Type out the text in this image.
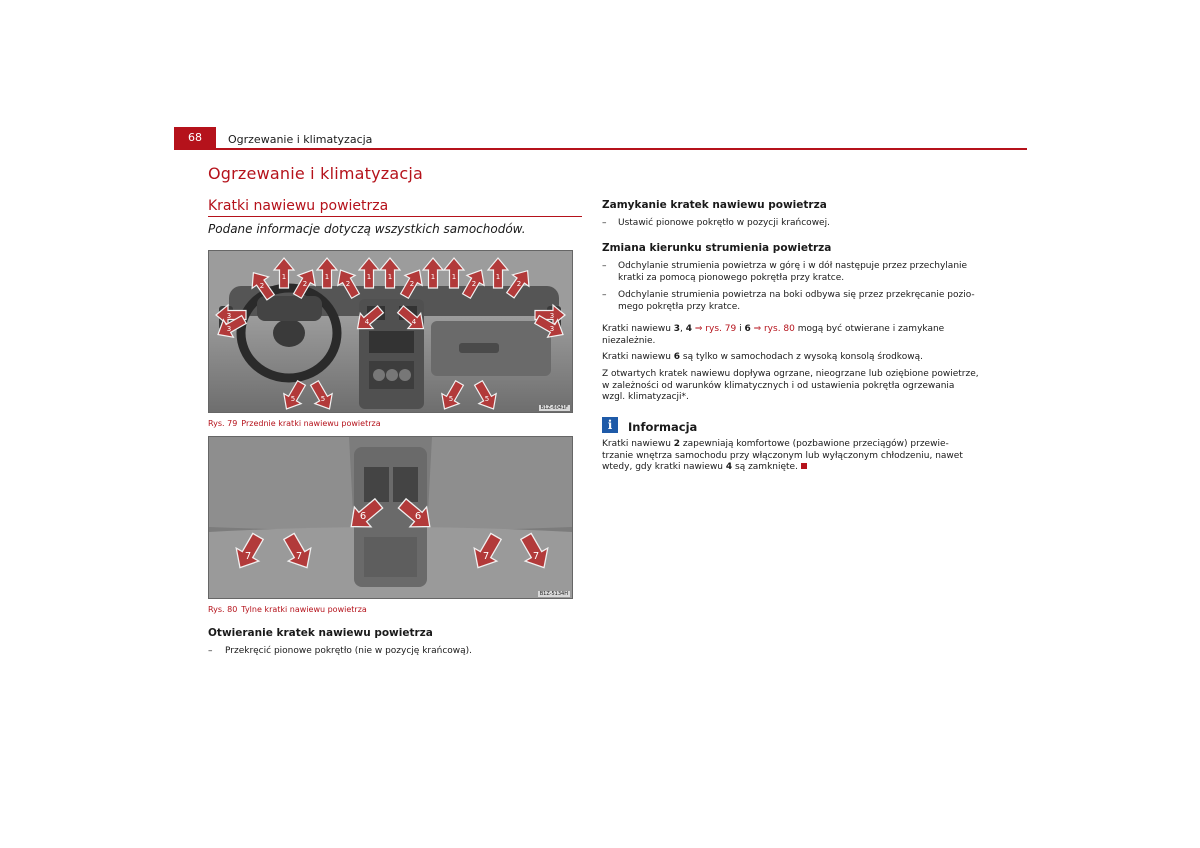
68	Ogrzewanie i klimatyzacja
Ogrzewanie i klimatyzacja
Kratki nawiewu powietrza
Podane informacje dotyczą wszystkich samochodów.
2
1
2
1
2
1 1
2
1 1
2
1
2
3
3
3
3
4	4
5	5	5	5
B1Z-6041F
Rys. 79 Przednie kratki nawiewu powietrza
6	6
7	7	7	7
B1Z-5134H
Rys. 80 Tylne kratki nawiewu powietrza
Otwieranie kratek nawiewu powietrza
– Przekręcić pionowe pokrętło (nie w pozycję krańcową).
Zamykanie kratek nawiewu powietrza
– Ustawić pionowe pokrętło w pozycji krańcowej.
Zmiana kierunku strumienia powietrza
– Odchylanie strumienia powietrza w górę i w dół następuje przez przechylanie
kratki za pomocą pionowego pokrętła przy kratce.
– Odchylanie strumienia powietrza na boki odbywa się przez przekręcanie pozio-
mego pokrętła przy kratce.
Kratki nawiewu 3, 4 ⇒ rys. 79 i 6 ⇒ rys. 80 mogą być otwierane i zamykane
niezależnie.
Kratki nawiewu 6 są tylko w samochodach z wysoką konsolą środkową.
Z otwartych kratek nawiewu dopływa ogrzane, nieogrzane lub oziębione powietrze,
w zależności od warunków klimatycznych i od ustawienia pokrętła ogrzewania
wzgl. klimatyzacji*.
i	Informacja
Kratki nawiewu 2 zapewniają komfortowe (pozbawione przeciągów) przewie-
trzanie wnętrza samochodu przy włączonym lub wyłączonym chłodzeniu, nawet
wtedy, gdy kratki nawiewu 4 są zamknięte.
